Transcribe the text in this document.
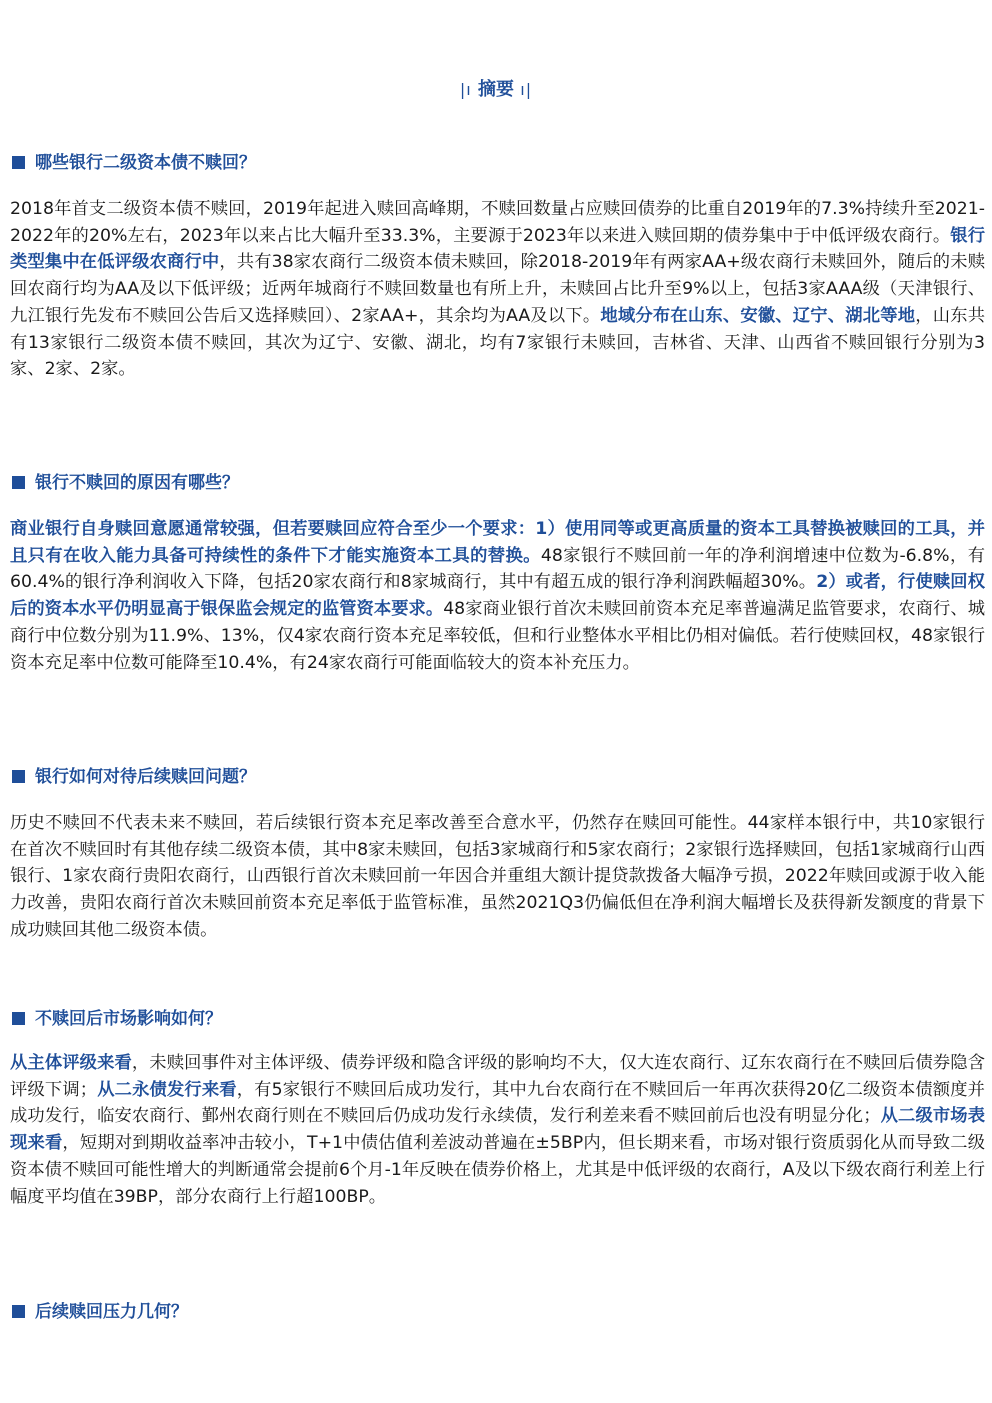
|ı 摘要 ı|
哪些银行二级资本债不赎回？

2018年首支二级资本债不赎回，2019年起进入赎回高峰期，不赎回数量占应赎回债券的比重自2019年的7.3%持续升至2021-2022年的20%左右，2023年以来占比大幅升至33.3%，主要源于2023年以来进入赎回期的债券集中于中低评级农商行。银行类型集中在低评级农商行中，共有38家农商行二级资本债未赎回，除2018-2019年有两家AA+级农商行未赎回外，随后的未赎回农商行均为AA及以下低评级；近两年城商行不赎回数量也有所上升，未赎回占比升至9%以上，包括3家AAA级（天津银行、九江银行先发布不赎回公告后又选择赎回）、2家AA+，其余均为AA及以下。地域分布在山东、安徽、辽宁、湖北等地，山东共有13家银行二级资本债不赎回，其次为辽宁、安徽、湖北，均有7家银行未赎回，吉林省、天津、山西省不赎回银行分别为3家、2家、2家。

银行不赎回的原因有哪些？

商业银行自身赎回意愿通常较强，但若要赎回应符合至少一个要求：1）使用同等或更高质量的资本工具替换被赎回的工具，并且只有在收入能力具备可持续性的条件下才能实施资本工具的替换。48家银行不赎回前一年的净利润增速中位数为-6.8%，有60.4%的银行净利润收入下降，包括20家农商行和8家城商行，其中有超五成的银行净利润跌幅超30%。2）或者，行使赎回权后的资本水平仍明显高于银保监会规定的监管资本要求。48家商业银行首次未赎回前资本充足率普遍满足监管要求，农商行、城商行中位数分别为11.9%、13%，仅4家农商行资本充足率较低，但和行业整体水平相比仍相对偏低。若行使赎回权，48家银行资本充足率中位数可能降至10.4%，有24家农商行可能面临较大的资本补充压力。

银行如何对待后续赎回问题？

历史不赎回不代表未来不赎回，若后续银行资本充足率改善至合意水平，仍然存在赎回可能性。44家样本银行中，共10家银行在首次不赎回时有其他存续二级资本债，其中8家未赎回，包括3家城商行和5家农商行；2家银行选择赎回，包括1家城商行山西银行、1家农商行贵阳农商行，山西银行首次未赎回前一年因合并重组大额计提贷款拨备大幅净亏损，2022年赎回或源于收入能力改善，贵阳农商行首次未赎回前资本充足率低于监管标准，虽然2021Q3仍偏低但在净利润大幅增长及获得新发额度的背景下成功赎回其他二级资本债。

不赎回后市场影响如何？

从主体评级来看，未赎回事件对主体评级、债券评级和隐含评级的影响均不大，仅大连农商行、辽东农商行在不赎回后债券隐含评级下调；从二永债发行来看，有5家银行不赎回后成功发行，其中九台农商行在不赎回后一年再次获得20亿二级资本债额度并成功发行，临安农商行、鄞州农商行则在不赎回后仍成功发行永续债，发行利差来看不赎回前后也没有明显分化；从二级市场表现来看，短期对到期收益率冲击较小，T+1中债估值利差波动普遍在±5BP内，但长期来看，市场对银行资质弱化从而导致二级资本债不赎回可能性增大的判断通常会提前6个月-1年反映在债券价格上，尤其是中低评级的农商行，A及以下级农商行利差上行幅度平均值在39BP，部分农商行上行超100BP。

后续赎回压力几何？
